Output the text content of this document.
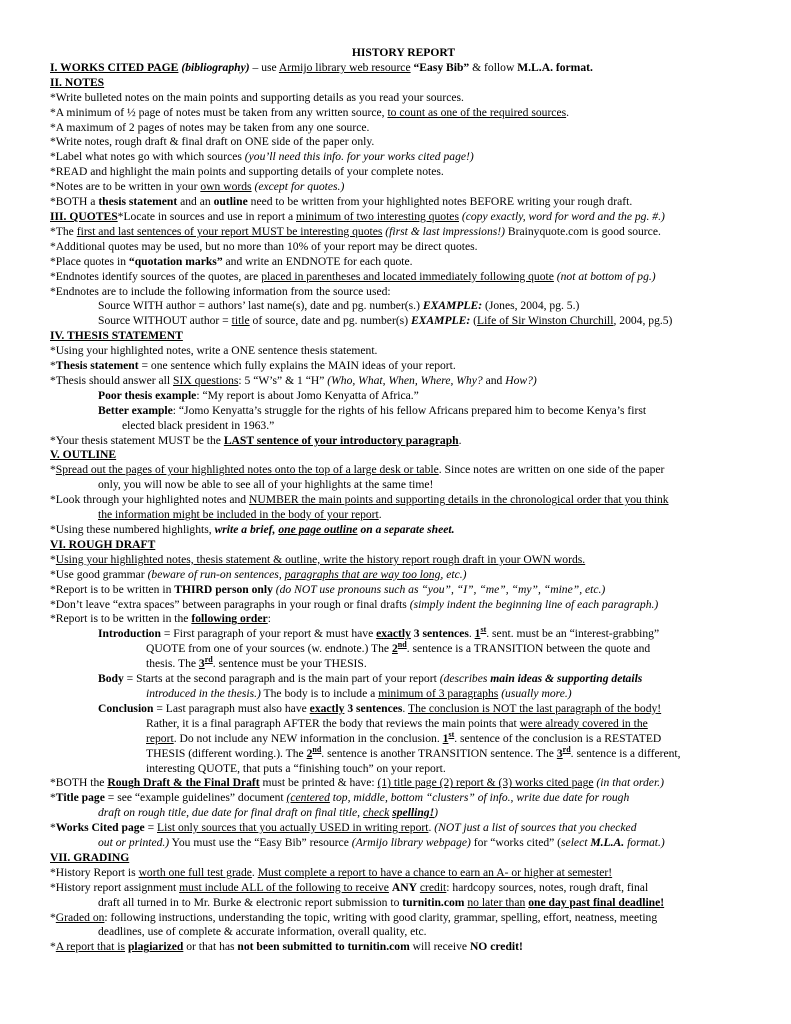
HISTORY REPORT
I. WORKS CITED PAGE (bibliography) – use Armijo library web resource “Easy Bib” & follow M.L.A. format.
II. NOTES
*Write bulleted notes on the main points and supporting details as you read your sources.
*A minimum of ½ page of notes must be taken from any written source, to count as one of the required sources.
*A maximum of 2 pages of notes may be taken from any one source.
*Write notes, rough draft & final draft on ONE side of the paper only.
*Label what notes go with which sources (you’ll need this info. for your works cited page!)
*READ and highlight the main points and supporting details of your complete notes.
*Notes are to be written in your own words (except for quotes.)
*BOTH a thesis statement and an outline need to be written from your highlighted notes BEFORE writing your rough draft.
III. QUOTES*Locate in sources and use in report a minimum of two interesting quotes (copy exactly, word for word and the pg. #.)
*The first and last sentences of your report MUST be interesting quotes (first & last impressions!) Brainyquote.com is good source.
*Additional quotes may be used, but no more than 10% of your report may be direct quotes.
*Place quotes in “quotation marks” and write an ENDNOTE for each quote.
*Endnotes identify sources of the quotes, are placed in parentheses and located immediately following quote (not at bottom of pg.)
*Endnotes are to include the following information from the source used:
Source WITH author = authors’ last name(s), date and pg. number(s.) EXAMPLE: (Jones, 2004, pg. 5.)
Source WITHOUT author = title of source, date and pg. number(s) EXAMPLE: (Life of Sir Winston Churchill, 2004, pg.5)
IV. THESIS STATEMENT
*Using your highlighted notes, write a ONE sentence thesis statement.
*Thesis statement = one sentence which fully explains the MAIN ideas of your report.
*Thesis should answer all SIX questions: 5 “W’s” & 1 “H” (Who, What, When, Where, Why? and How?)
Poor thesis example: “My report is about Jomo Kenyatta of Africa.”
Better example: “Jomo Kenyatta’s struggle for the rights of his fellow Africans prepared him to become Kenya’s first
elected black president in 1963.”
*Your thesis statement MUST be the LAST sentence of your introductory paragraph.
V. OUTLINE
*Spread out the pages of your highlighted notes onto the top of a large desk or table. Since notes are written on one side of the paper
only, you will now be able to see all of your highlights at the same time!
*Look through your highlighted notes and NUMBER the main points and supporting details in the chronological order that you think
the information might be included in the body of your report.
*Using these numbered highlights, write a brief, one page outline on a separate sheet.
VI. ROUGH DRAFT
*Using your highlighted notes, thesis statement & outline, write the history report rough draft in your OWN words.
*Use good grammar (beware of run-on sentences, paragraphs that are way too long, etc.)
*Report is to be written in THIRD person only (do NOT use pronouns such as “you”, “I”, “me”, “my”, “mine”, etc.)
*Don’t leave “extra spaces” between paragraphs in your rough or final drafts (simply indent the beginning line of each paragraph.)
*Report is to be written in the following order:
Introduction = First paragraph of your report & must have exactly 3 sentences. 1st. sent. must be an “interest-grabbing”
QUOTE from one of your sources (w. endnote.) The 2nd. sentence is a TRANSITION between the quote and
thesis. The 3rd. sentence must be your THESIS.
Body = Starts at the second paragraph and is the main part of your report (describes main ideas & supporting details
introduced in the thesis.) The body is to include a minimum of 3 paragraphs (usually more.)
Conclusion = Last paragraph must also have exactly 3 sentences. The conclusion is NOT the last paragraph of the body!
Rather, it is a final paragraph AFTER the body that reviews the main points that were already covered in the
report. Do not include any NEW information in the conclusion. 1st. sentence of the conclusion is a RESTATED
THESIS (different wording.). The 2nd. sentence is another TRANSITION sentence. The 3rd. sentence is a different,
interesting QUOTE, that puts a “finishing touch” on your report.
*BOTH the Rough Draft & the Final Draft must be printed & have: (1) title page (2) report & (3) works cited page (in that order.)
*Title page = see “example guidelines” document (centered top, middle, bottom “clusters” of info., write due date for rough
draft on rough title, due date for final draft on final title, check spelling!)
*Works Cited page = List only sources that you actually USED in writing report. (NOT just a list of sources that you checked
out or printed.) You must use the “Easy Bib” resource (Armijo library webpage) for “works cited” (select M.L.A. format.)
VII. GRADING
*History Report is worth one full test grade. Must complete a report to have a chance to earn an A- or higher at semester!
*History report assignment must include ALL of the following to receive ANY credit: hardcopy sources, notes, rough draft, final
draft all turned in to Mr. Burke & electronic report submission to turnitin.com no later than one day past final deadline!
*Graded on: following instructions, understanding the topic, writing with good clarity, grammar, spelling, effort, neatness, meeting
deadlines, use of complete & accurate information, overall quality, etc.
*A report that is plagiarized or that has not been submitted to turnitin.com will receive NO credit!
